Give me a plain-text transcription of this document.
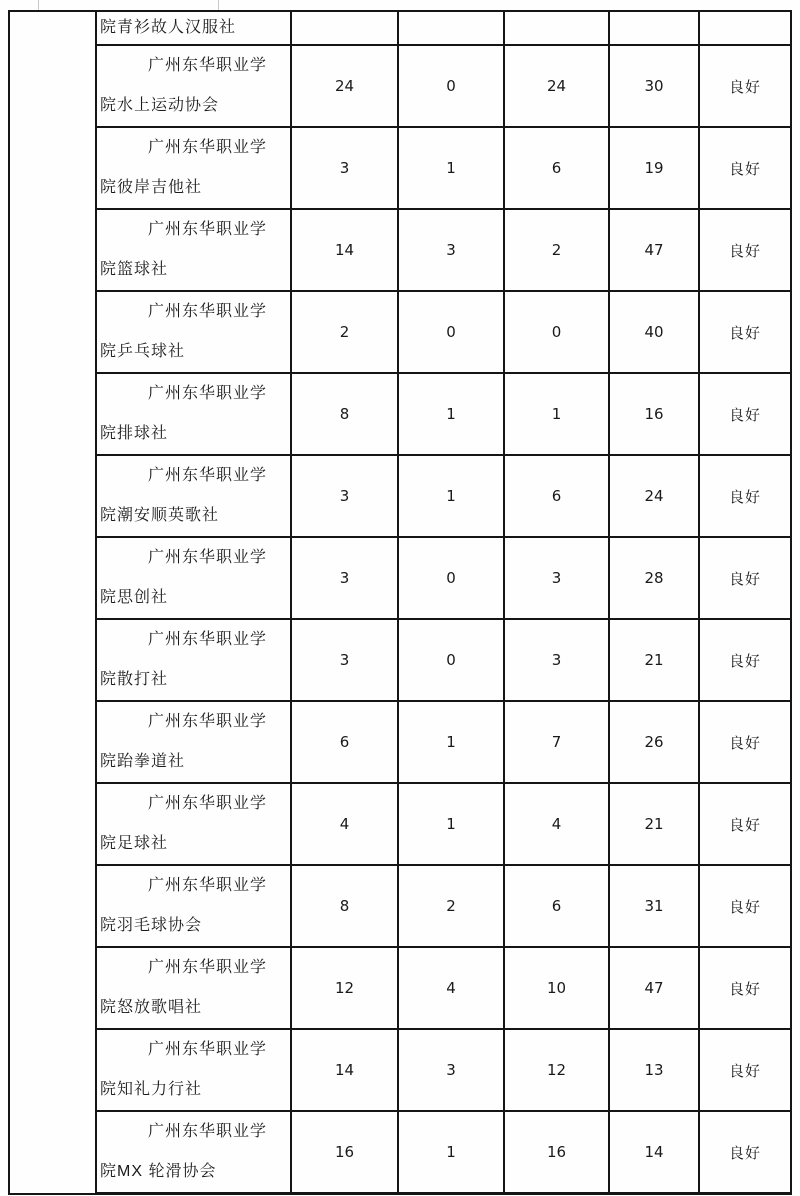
	院青衫故人汉服社					

	广州东华职业学
院水上运动协会	24	0	24	30	良好

	广州东华职业学
院彼岸吉他社	3	1	6	19	良好

	广州东华职业学
院篮球社	14	3	2	47	良好

	广州东华职业学
院乒乓球社	2	0	0	40	良好

	广州东华职业学
院排球社	8	1	1	16	良好

	广州东华职业学
院潮安顺英歌社	3	1	6	24	良好

	广州东华职业学
院思创社	3	0	3	28	良好

	广州东华职业学
院散打社	3	0	3	21	良好

	广州东华职业学
院跆拳道社	6	1	7	26	良好

	广州东华职业学
院足球社	4	1	4	21	良好

	广州东华职业学
院羽毛球协会	8	2	6	31	良好

	广州东华职业学
院怒放歌唱社	12	4	10	47	良好

	广州东华职业学
院知礼力行社	14	3	12	13	良好

	广州东华职业学
院MX 轮滑协会	16	1	16	14	良好
